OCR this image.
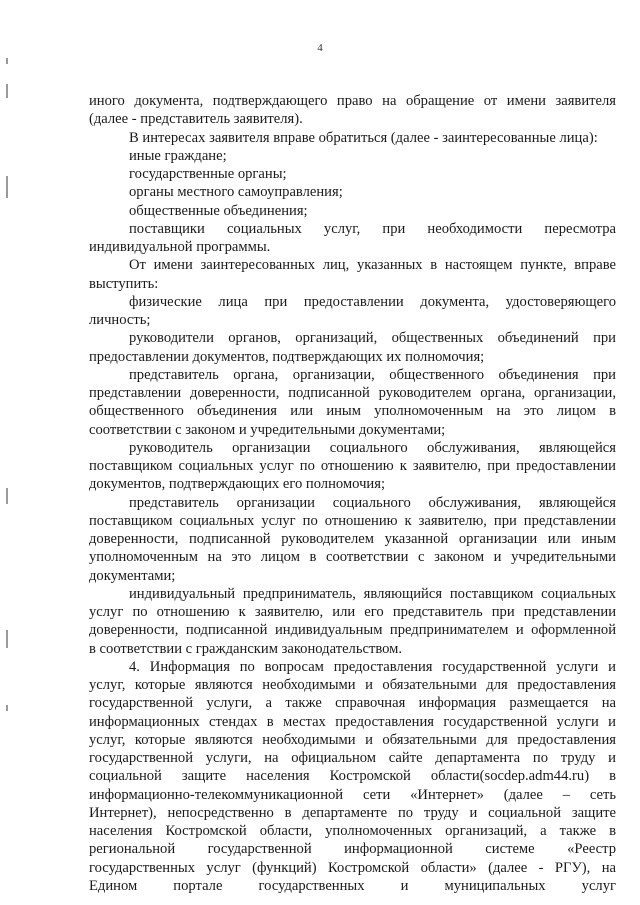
4

иного документа, подтверждающего право на обращение от имени заявителя

(далее - представитель заявителя).

В интересах заявителя вправе обратиться (далее - заинтересованные лица):

иные граждане;

государственные органы;

органы местного самоуправления;

общественные объединения;

поставщики социальных услуг, при необходимости пересмотра

индивидуальной программы.

От имени заинтересованных лиц, указанных в настоящем пункте, вправе

выступить:

физические лица при предоставлении документа, удостоверяющего

личность;

руководители органов, организаций, общественных объединений при

предоставлении документов, подтверждающих их полномочия;

представитель органа, организации, общественного объединения при

представлении доверенности, подписанной руководителем органа, организации,

общественного объединения или иным уполномоченным на это лицом в

соответствии с законом и учредительными документами;

руководитель организации социального обслуживания, являющейся

поставщиком социальных услуг по отношению к заявителю, при предоставлении

документов, подтверждающих его полномочия;

представитель организации социального обслуживания, являющейся

поставщиком социальных услуг по отношению к заявителю, при представлении

доверенности, подписанной руководителем указанной организации или иным

уполномоченным на это лицом в соответствии с законом и учредительными

документами;

индивидуальный предприниматель, являющийся поставщиком социальных

услуг по отношению к заявителю, или его представитель при представлении

доверенности, подписанной индивидуальным предпринимателем и оформленной

в соответствии с гражданским законодательством.

4. Информация по вопросам предоставления государственной услуги и

услуг, которые являются необходимыми и обязательными для предоставления

государственной услуги, а также справочная информация размещается на

информационных стендах в местах предоставления государственной услуги и

услуг, которые являются необходимыми и обязательными для предоставления

государственной услуги, на официальном сайте департамента по труду и

социальной защите населения Костромской области(socdep.adm44.ru) в

информационно-телекоммуникационной сети «Интернет» (далее – сеть

Интернет), непосредственно в департаменте по труду и социальной защите

населения Костромской области, уполномоченных организаций, а также в

региональной государственной информационной системе «Реестр

государственных услуг (функций) Костромской области» (далее - РГУ), на

Едином портале государственных и муниципальных услуг
